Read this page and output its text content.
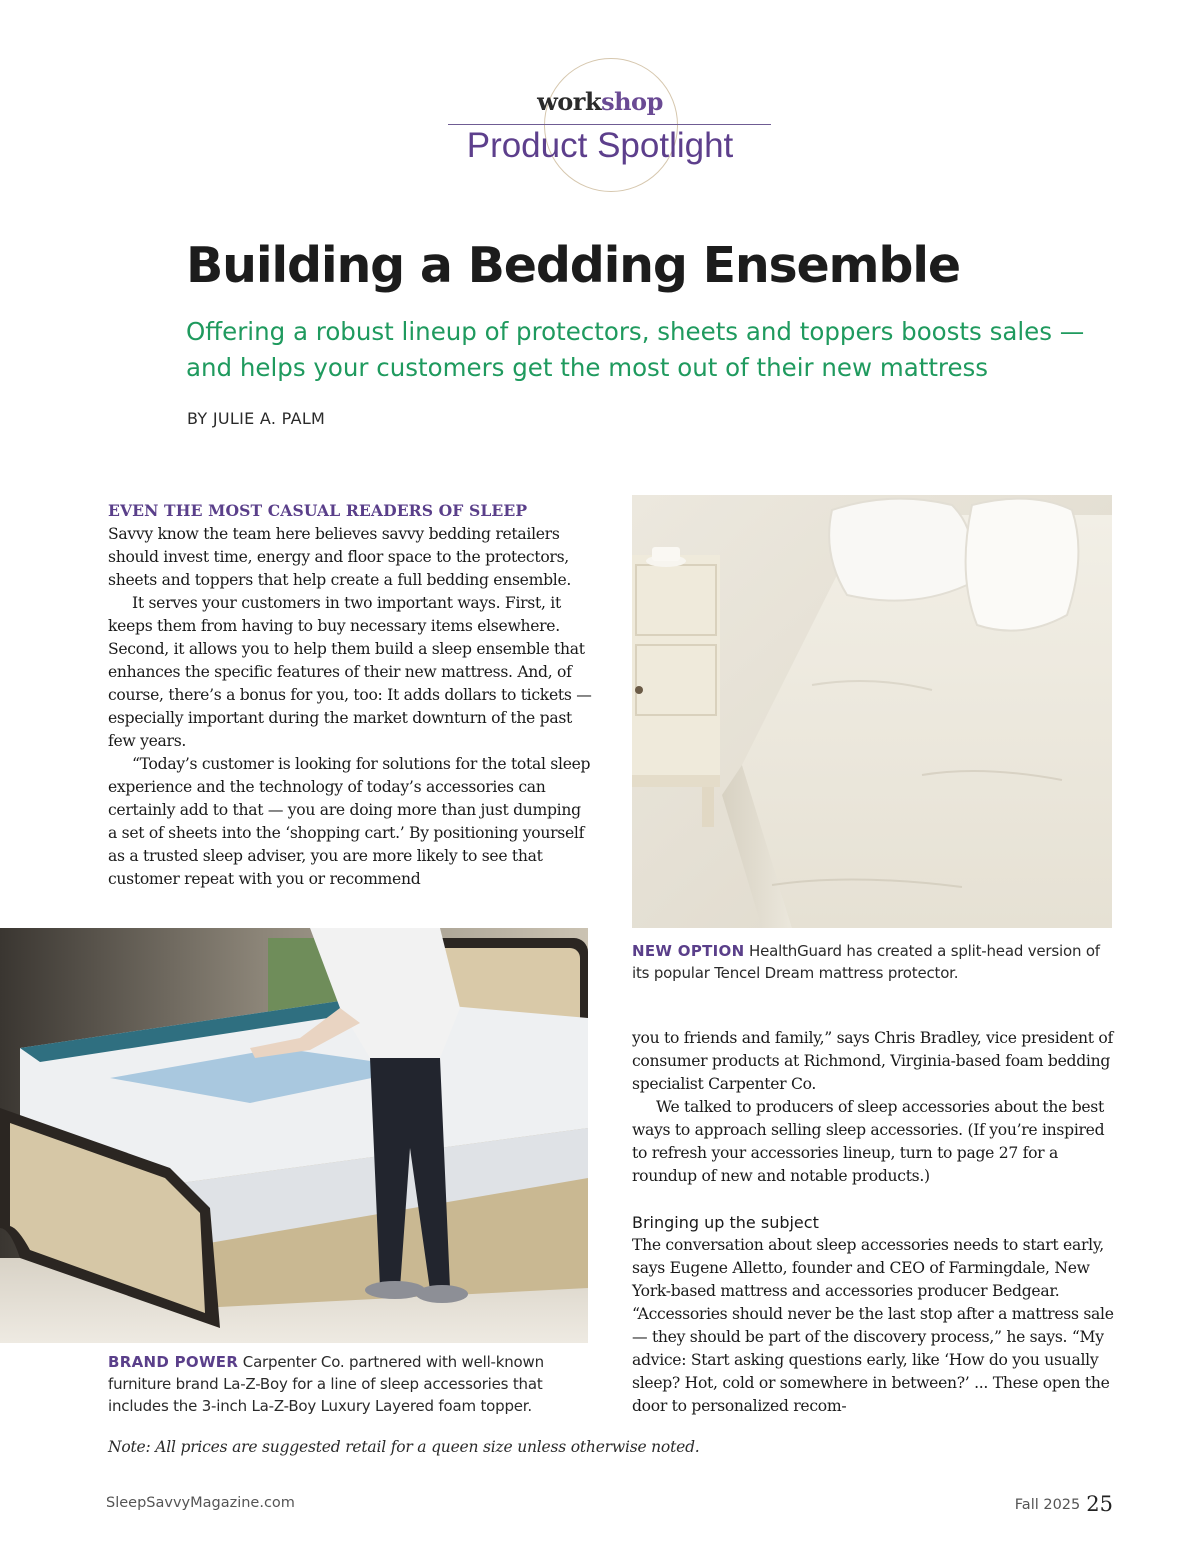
workshop
Product Spotlight
Building a Bedding Ensemble
Offering a robust lineup of protectors, sheets and toppers boosts sales — and helps your customers get the most out of their new mattress
BY JULIE A. PALM

EVEN THE MOST CASUAL READERS OF SLEEP
Savvy know the team here believes savvy bedding retailers should invest time, energy and floor space to the protectors, sheets and toppers that help create a full bedding ensemble.

It serves your customers in two important ways. First, it keeps them from having to buy necessary items elsewhere. Second, it allows you to help them build a sleep ensemble that enhances the specific features of their new mattress. And, of course, there’s a bonus for you, too: It adds dollars to tickets — especially important during the market downturn of the past few years.

“Today’s customer is looking for solutions for the total sleep experience and the technology of today’s accessories can certainly add to that — you are doing more than just dumping a set of sheets into the ‘shopping cart.’ By positioning yourself as a trusted sleep adviser, you are more likely to see that customer repeat with you or recommend

NEW OPTION HealthGuard has created a split-head version of its popular Tencel Dream mattress protector.
BRAND POWER Carpenter Co. partnered with well-known furniture brand La-Z-Boy for a line of sleep accessories that includes the 3-inch La-Z-Boy Luxury Layered foam topper.

you to friends and family,” says Chris Bradley, vice president of consumer products at Richmond, Virginia-based foam bedding specialist Carpenter Co.

We talked to producers of sleep accessories about the best ways to approach selling sleep accessories. (If you’re inspired to refresh your accessories lineup, turn to page 27 for a roundup of new and notable products.)

Bringing up the subject

The conversation about sleep accessories needs to start early, says Eugene Alletto, founder and CEO of Farmingdale, New York-based mattress and accessories producer Bedgear. “Accessories should never be the last stop after a mattress sale — they should be part of the discovery process,” he says. “My advice: Start asking questions early, like ‘How do you usually sleep? Hot, cold or somewhere in between?’ ... These open the door to personalized recom-

Note: All prices are suggested retail for a queen size unless otherwise noted.
SleepSavvyMagazine.com	Fall 2025 25
